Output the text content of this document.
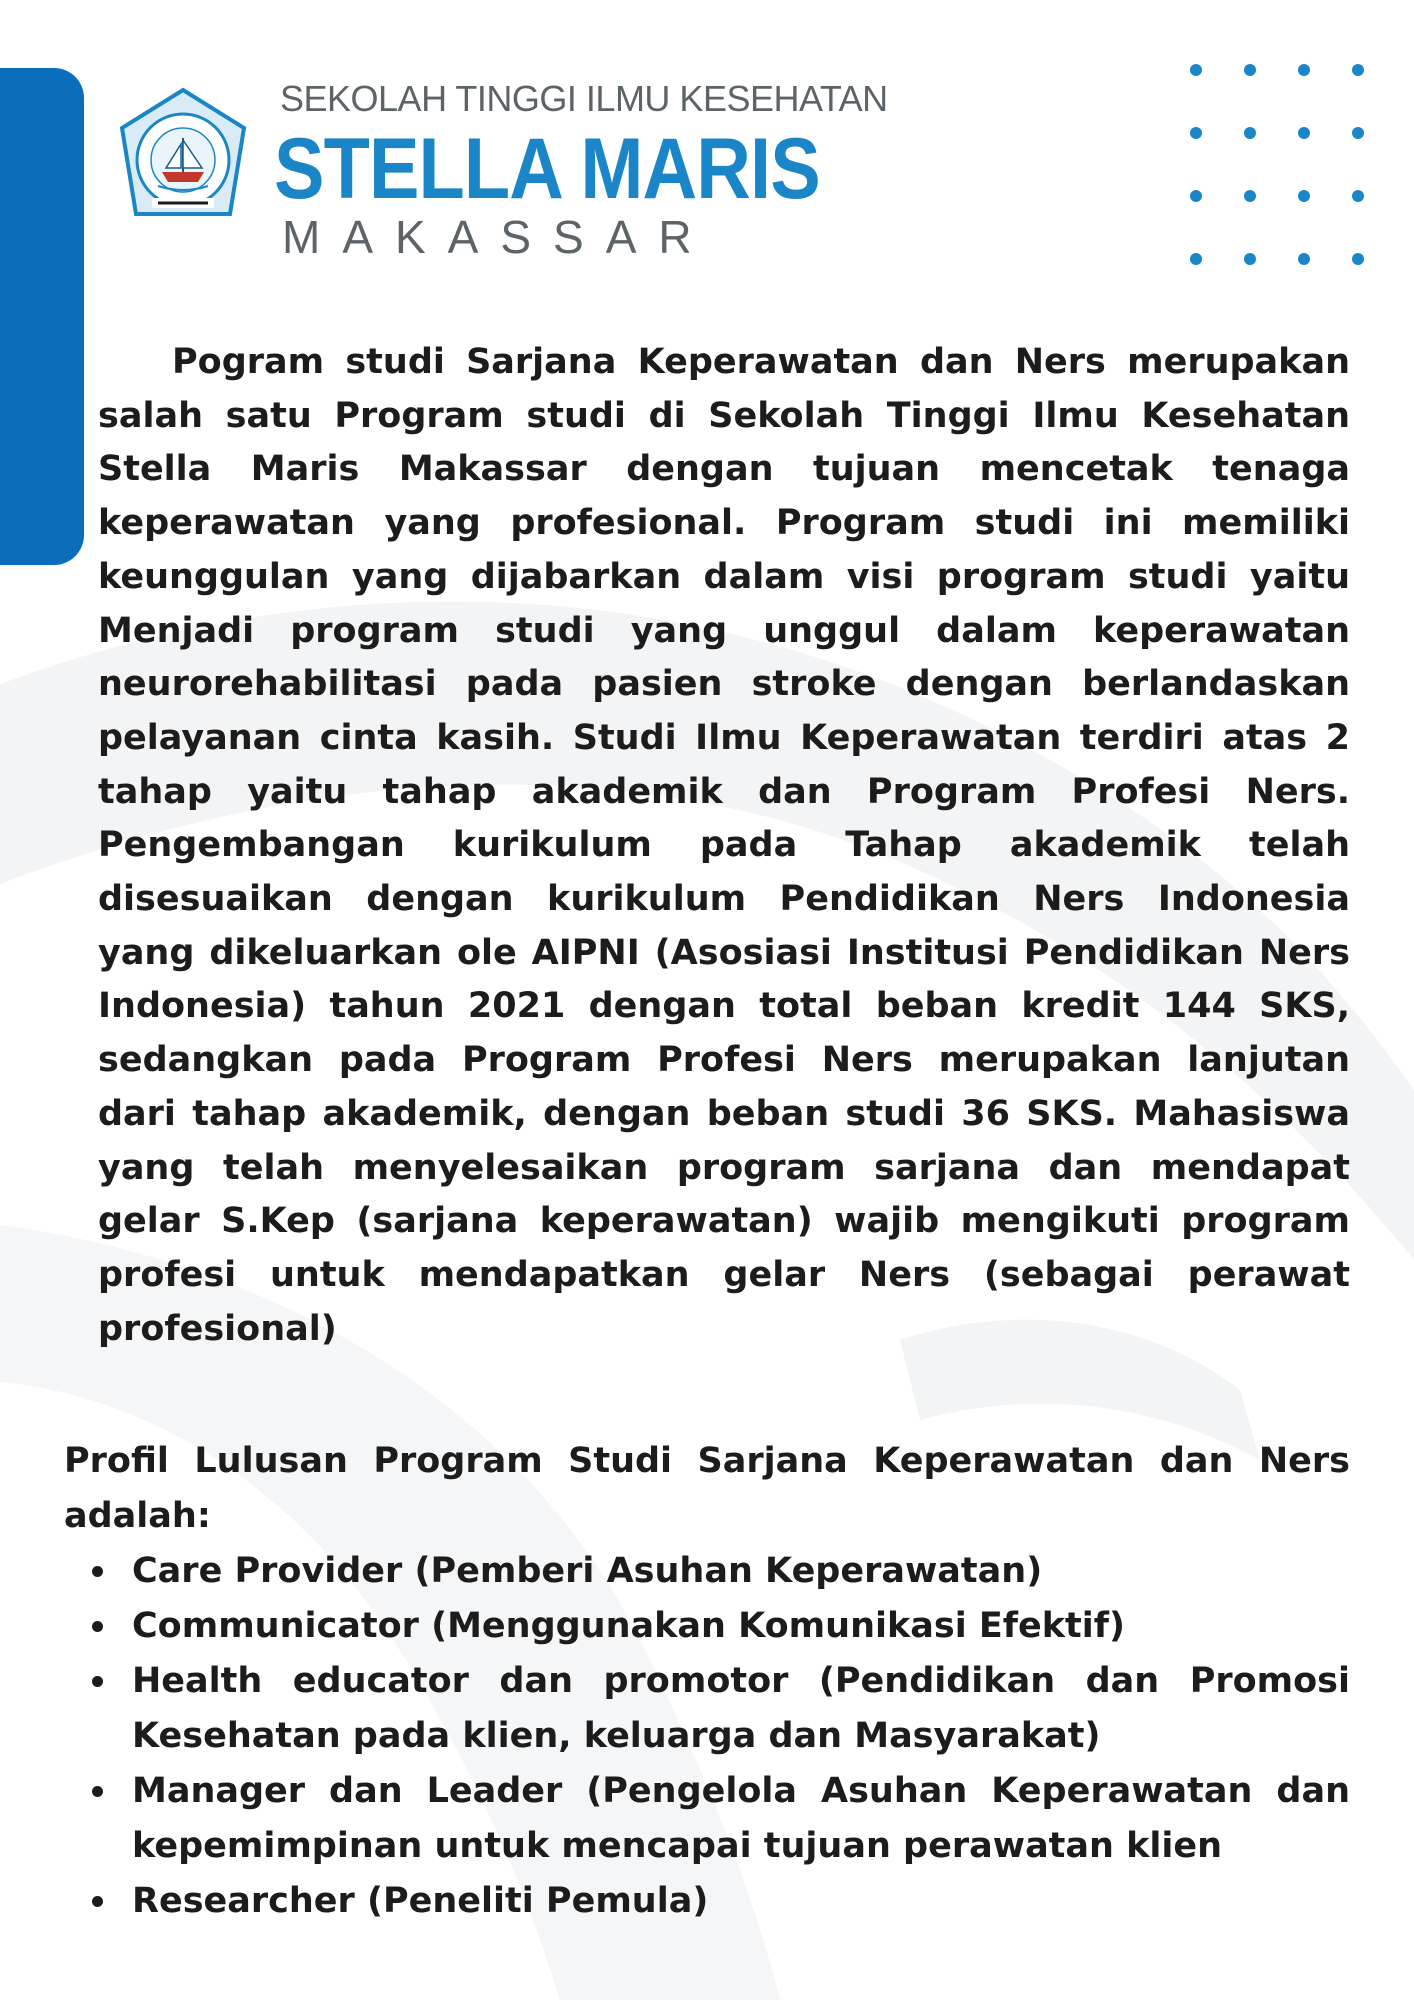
SEKOLAH TINGGI ILMU KESEHATAN
STELLA MARIS
MAKASSAR

Pogram studi Sarjana Keperawatan dan Ners merupakan salah satu Program studi di Sekolah Tinggi Ilmu Kesehatan Stella Maris Makassar dengan tujuan mencetak tenaga keperawatan yang profesional. Program studi ini memiliki keunggulan yang dijabarkan dalam visi program studi yaitu Menjadi program studi yang unggul dalam keperawatan neurorehabilitasi pada pasien stroke dengan berlandaskan pelayanan cinta kasih. Studi Ilmu Keperawatan terdiri atas 2 tahap yaitu tahap akademik dan Program Profesi Ners. Pengembangan kurikulum pada Tahap akademik telah disesuaikan dengan kurikulum Pendidikan Ners Indonesia yang dikeluarkan ole AIPNI (Asosiasi Institusi Pendidikan Ners Indonesia) tahun 2021 dengan total beban kredit 144 SKS, sedangkan pada Program Profesi Ners merupakan lanjutan dari tahap akademik, dengan beban studi 36 SKS. Mahasiswa yang telah menyelesaikan program sarjana dan mendapat gelar S.Kep (sarjana keperawatan) wajib mengikuti program profesi untuk mendapatkan gelar Ners (sebagai perawat profesional)

Profil Lulusan Program Studi Sarjana Keperawatan dan Ners adalah:

Care Provider (Pemberi Asuhan Keperawatan)
Communicator (Menggunakan Komunikasi Efektif)
Health educator dan promotor (Pendidikan dan Promosi Kesehatan pada klien, keluarga dan Masyarakat)
Manager dan Leader (Pengelola Asuhan Keperawatan dan kepemimpinan untuk mencapai tujuan perawatan klien
Researcher (Peneliti Pemula)
